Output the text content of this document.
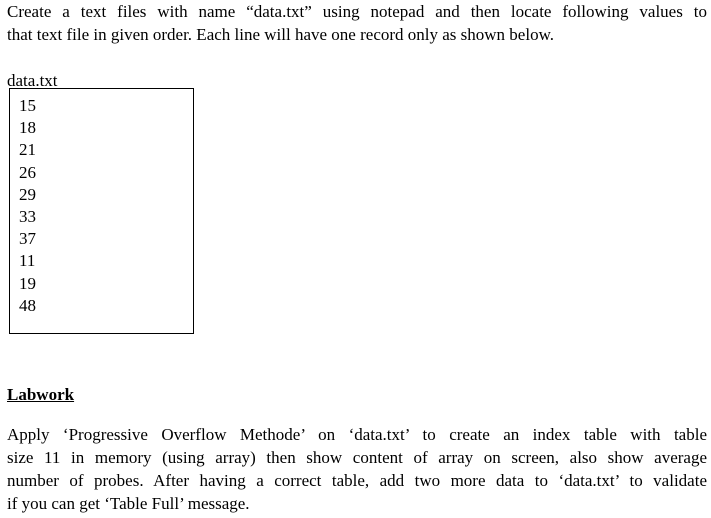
Create a text files with name “data.txt” using notepad and then locate following values to
that text file in given order. Each line will have one record only as shown below.
data.txt
15
18
21
26
29
33
37
11
19
48
Labwork
Apply ‘Progressive Overflow Methode’ on ‘data.txt’ to create an index table with table
size 11 in memory (using array) then show content of array on screen, also show average
number of probes. After having a correct table, add two more data to ‘data.txt’ to validate
if you can get ‘Table Full’ message.
